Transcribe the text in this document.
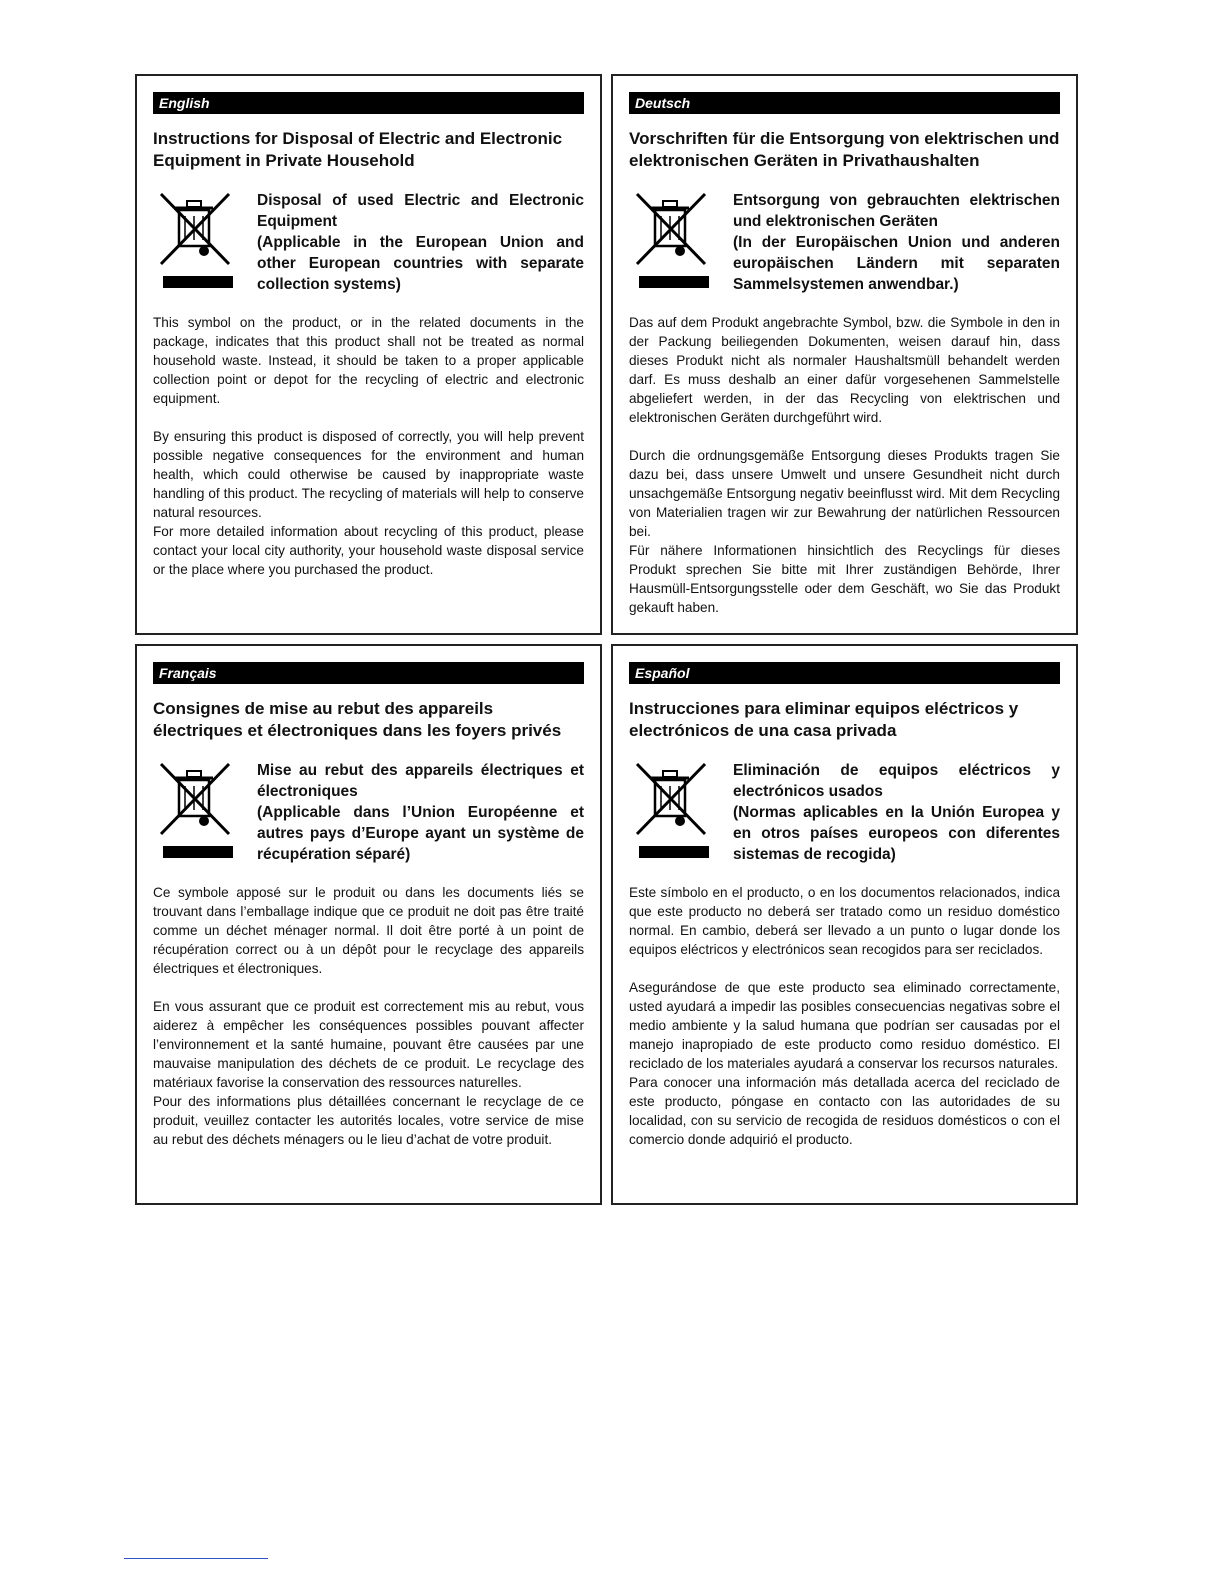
English
Instructions for Disposal of Electric and Electronic Equipment in Private Household
Disposal of used Electric and Electronic Equipment
(Applicable in the European Union and other European countries with separate collection systems)

This symbol on the product, or in the related documents in the package, indicates that this product shall not be treated as normal household waste. Instead, it should be taken to a proper applicable collection point or depot for the recycling of electric and electronic equipment.

By ensuring this product is disposed of correctly, you will help prevent possible negative consequences for the environment and human health, which could otherwise be caused by inappropriate waste handling of this product. The recycling of materials will help to conserve natural resources.

For more detailed information about recycling of this product, please contact your local city authority, your household waste disposal service or the place where you purchased the product.

Deutsch
Vorschriften für die Entsorgung von elektrischen und elektronischen Geräten in Privathaushalten
Entsorgung von gebrauchten elektrischen und elektronischen Geräten
(In der Europäischen Union und anderen europäischen Ländern mit separaten Sammelsystemen anwendbar.)

Das auf dem Produkt angebrachte Symbol, bzw. die Symbole in den in der Packung beiliegenden Dokumenten, weisen darauf hin, dass dieses Produkt nicht als normaler Haushaltsmüll behandelt werden darf. Es muss deshalb an einer dafür vorgesehenen Sammelstelle abgeliefert werden, in der das Recycling von elektrischen und elektronischen Geräten durchgeführt wird.

Durch die ordnungsgemäße Entsorgung dieses Produkts tragen Sie dazu bei, dass unsere Umwelt und unsere Gesundheit nicht durch unsachgemäße Entsorgung negativ beeinflusst wird. Mit dem Recycling von Materialien tragen wir zur Bewahrung der natürlichen Ressourcen bei.

Für nähere Informationen hinsichtlich des Recyclings für dieses Produkt sprechen Sie bitte mit Ihrer zuständigen Behörde, Ihrer Hausmüll-Entsorgungsstelle oder dem Geschäft, wo Sie das Produkt gekauft haben.

Français
Consignes de mise au rebut des appareils électriques et électroniques dans les foyers privés
Mise au rebut des appareils électriques et électroniques
(Applicable dans l’Union Européenne et autres pays d’Europe ayant un système de récupération séparé)

Ce symbole apposé sur le produit ou dans les documents liés se trouvant dans l’emballage indique que ce produit ne doit pas être traité comme un déchet ménager normal. Il doit être porté à un point de récupération correct ou à un dépôt pour le recyclage des appareils électriques et électroniques.

En vous assurant que ce produit est correctement mis au rebut, vous aiderez à empêcher les conséquences possibles pouvant affecter l’environnement et la santé humaine, pouvant être causées par une mauvaise manipulation des déchets de ce produit. Le recyclage des matériaux favorise la conservation des ressources naturelles.

Pour des informations plus détaillées concernant le recyclage de ce produit, veuillez contacter les autorités locales, votre service de mise au rebut des déchets ménagers ou le lieu d’achat de votre produit.

Español
Instrucciones para eliminar equipos eléctricos y electrónicos de una casa privada
Eliminación de equipos eléctricos y electrónicos usados
(Normas aplicables en la Unión Europea y en otros países europeos con diferentes sistemas de recogida)

Este símbolo en el producto, o en los documentos relacionados, indica que este producto no deberá ser tratado como un residuo doméstico normal. En cambio, deberá ser llevado a un punto o lugar donde los equipos eléctricos y electrónicos sean recogidos para ser reciclados.

Asegurándose de que este producto sea eliminado correctamente, usted ayudará a impedir las posibles consecuencias negativas sobre el medio ambiente y la salud humana que podrían ser causadas por el manejo inapropiado de este producto como residuo doméstico. El reciclado de los materiales ayudará a conservar los recursos naturales.

Para conocer una información más detallada acerca del reciclado de este producto, póngase en contacto con las autoridades de su localidad, con su servicio de recogida de residuos domésticos o con el comercio donde adquirió el producto.
